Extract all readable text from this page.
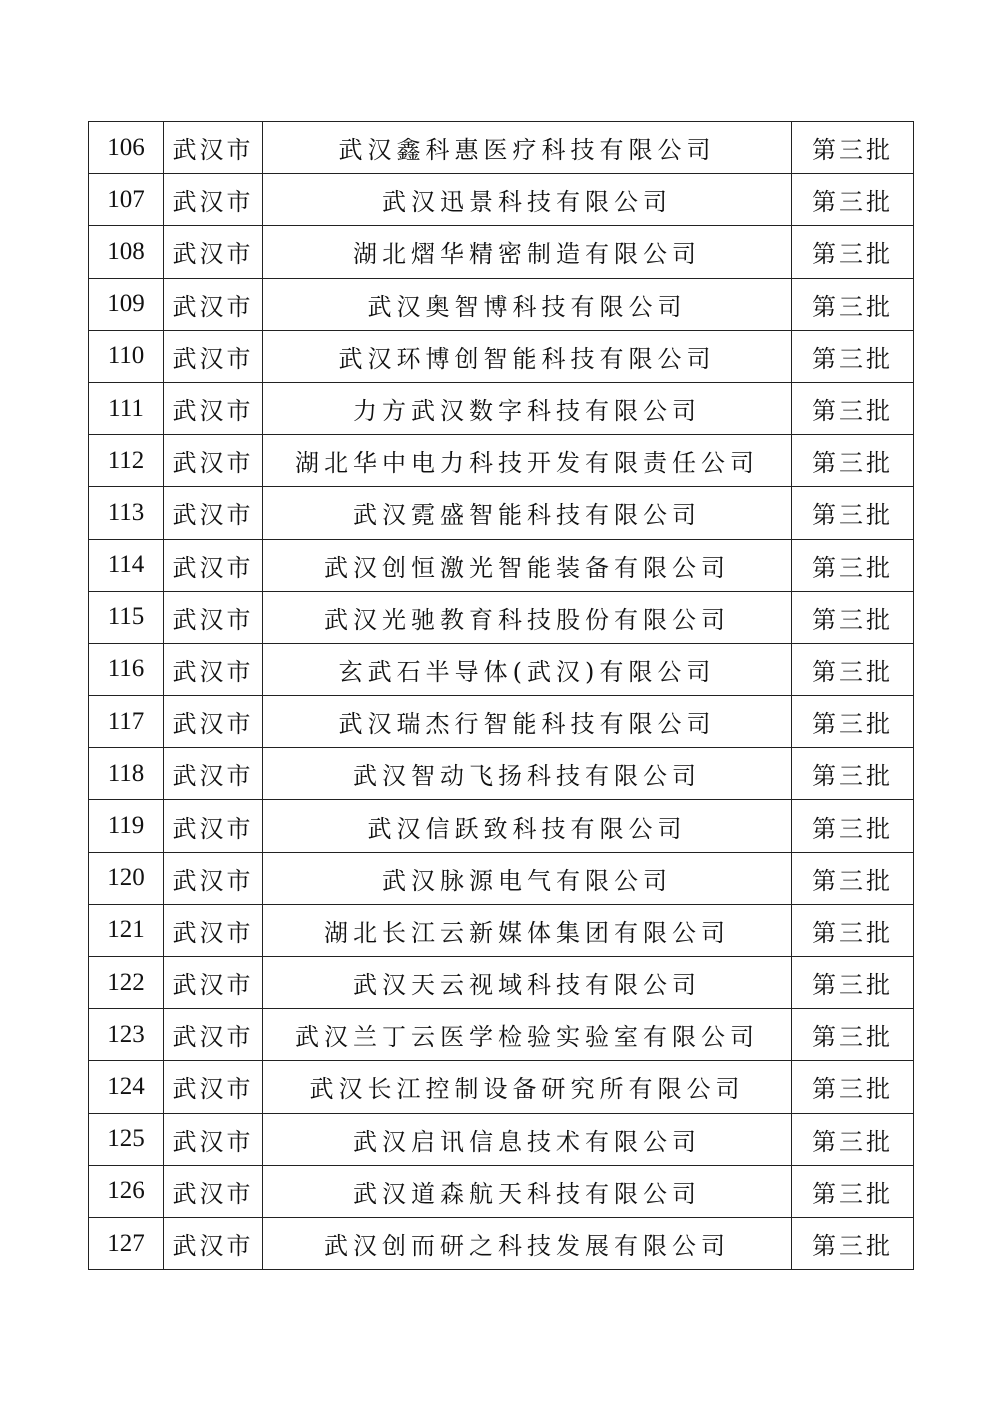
106	武汉市	武汉鑫科惠医疗科技有限公司	第三批
107	武汉市	武汉迅景科技有限公司	第三批
108	武汉市	湖北熠华精密制造有限公司	第三批
109	武汉市	武汉奥智博科技有限公司	第三批
110	武汉市	武汉环博创智能科技有限公司	第三批
111	武汉市	力方武汉数字科技有限公司	第三批
112	武汉市	湖北华中电力科技开发有限责任公司	第三批
113	武汉市	武汉霓盛智能科技有限公司	第三批
114	武汉市	武汉创恒激光智能装备有限公司	第三批
115	武汉市	武汉光驰教育科技股份有限公司	第三批
116	武汉市	玄武石半导体(武汉)有限公司	第三批
117	武汉市	武汉瑞杰行智能科技有限公司	第三批
118	武汉市	武汉智动飞扬科技有限公司	第三批
119	武汉市	武汉信跃致科技有限公司	第三批
120	武汉市	武汉脉源电气有限公司	第三批
121	武汉市	湖北长江云新媒体集团有限公司	第三批
122	武汉市	武汉天云视域科技有限公司	第三批
123	武汉市	武汉兰丁云医学检验实验室有限公司	第三批
124	武汉市	武汉长江控制设备研究所有限公司	第三批
125	武汉市	武汉启讯信息技术有限公司	第三批
126	武汉市	武汉道森航天科技有限公司	第三批
127	武汉市	武汉创而研之科技发展有限公司	第三批
